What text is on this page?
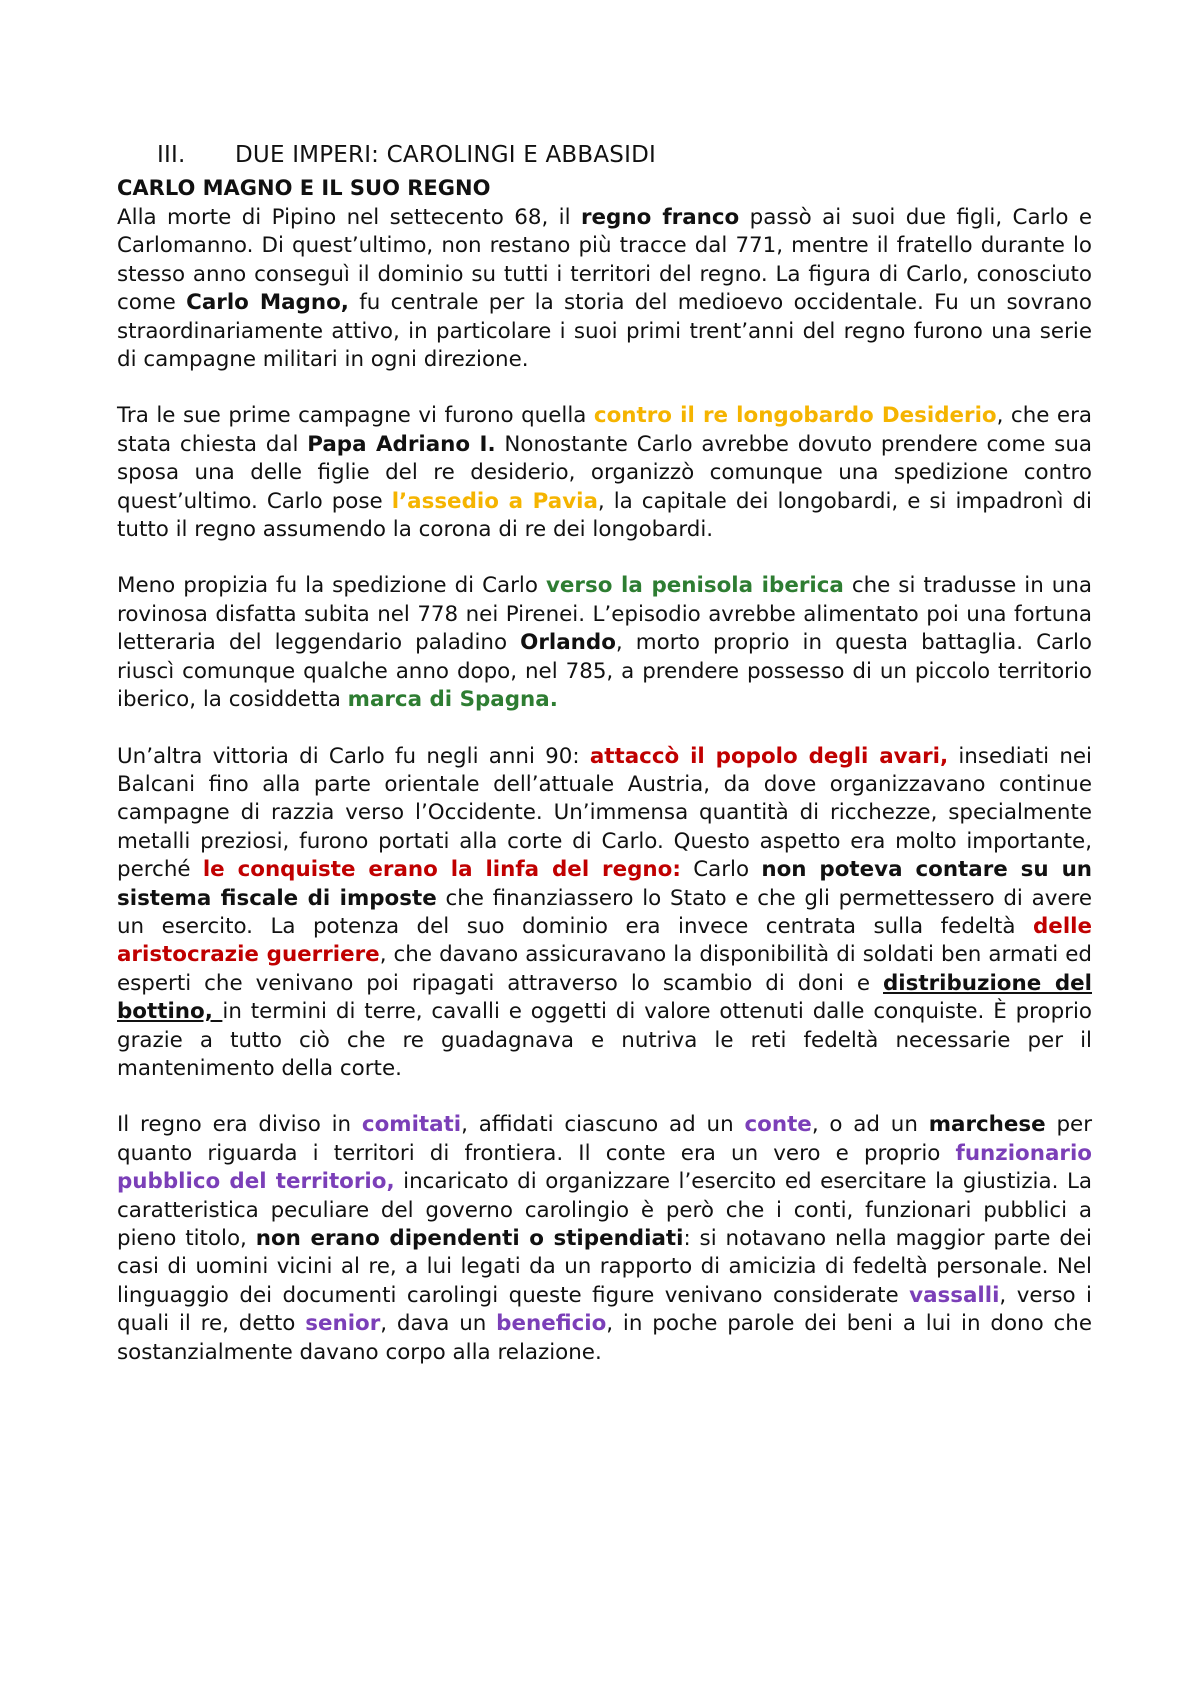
III. DUE IMPERI: CAROLINGI E ABBASIDI
CARLO MAGNO E IL SUO REGNO

Alla morte di Pipino nel settecento 68, il regno franco passò ai suoi due figli, Carlo e Carlomanno. Di quest’ultimo, non restano più tracce dal 771, mentre il fratello durante lo stesso anno conseguì il dominio su tutti i territori del regno. La figura di Carlo, conosciuto come Carlo Magno, fu centrale per la storia del medioevo occidentale. Fu un sovrano straordinariamente attivo, in particolare i suoi primi trent’anni del regno furono una serie di campagne militari in ogni direzione.

Tra le sue prime campagne vi furono quella contro il re longobardo Desiderio, che era stata chiesta dal Papa Adriano I. Nonostante Carlo avrebbe dovuto prendere come sua sposa una delle figlie del re desiderio, organizzò comunque una spedizione contro quest’ultimo. Carlo pose l’assedio a Pavia, la capitale dei longobardi, e si impadronì di tutto il regno assumendo la corona di re dei longobardi.

Meno propizia fu la spedizione di Carlo verso la penisola iberica che si tradusse in una rovinosa disfatta subita nel 778 nei Pirenei. L’episodio avrebbe alimentato poi una fortuna letteraria del leggendario paladino Orlando, morto proprio in questa battaglia. Carlo riuscì comunque qualche anno dopo, nel 785, a prendere possesso di un piccolo territorio iberico, la cosiddetta marca di Spagna.

Un’altra vittoria di Carlo fu negli anni 90: attaccò il popolo degli avari, insediati nei Balcani fino alla parte orientale dell’attuale Austria, da dove organizzavano continue campagne di razzia verso l’Occidente. Un’immensa quantità di ricchezze, specialmente metalli preziosi, furono portati alla corte di Carlo. Questo aspetto era molto importante, perché le conquiste erano la linfa del regno: Carlo non poteva contare su un sistema fiscale di imposte che finanziassero lo Stato e che gli permettessero di avere un esercito. La potenza del suo dominio era invece centrata sulla fedeltà delle aristocrazie guerriere, che davano assicuravano la disponibilità di soldati ben armati ed esperti che venivano poi ripagati attraverso lo scambio di doni e distribuzione del bottino, in termini di terre, cavalli e oggetti di valore ottenuti dalle conquiste. È proprio grazie a tutto ciò che re guadagnava e nutriva le reti fedeltà necessarie per il mantenimento della corte.

Il regno era diviso in comitati, affidati ciascuno ad un conte, o ad un marchese per quanto riguarda i territori di frontiera. Il conte era un vero e proprio funzionario pubblico del territorio, incaricato di organizzare l’esercito ed esercitare la giustizia. La caratteristica peculiare del governo carolingio è però che i conti, funzionari pubblici a pieno titolo, non erano dipendenti o stipendiati: si notavano nella maggior parte dei casi di uomini vicini al re, a lui legati da un rapporto di amicizia di fedeltà personale. Nel linguaggio dei documenti carolingi queste figure venivano considerate vassalli, verso i quali il re, detto senior, dava un beneficio, in poche parole dei beni a lui in dono che sostanzialmente davano corpo alla relazione.
